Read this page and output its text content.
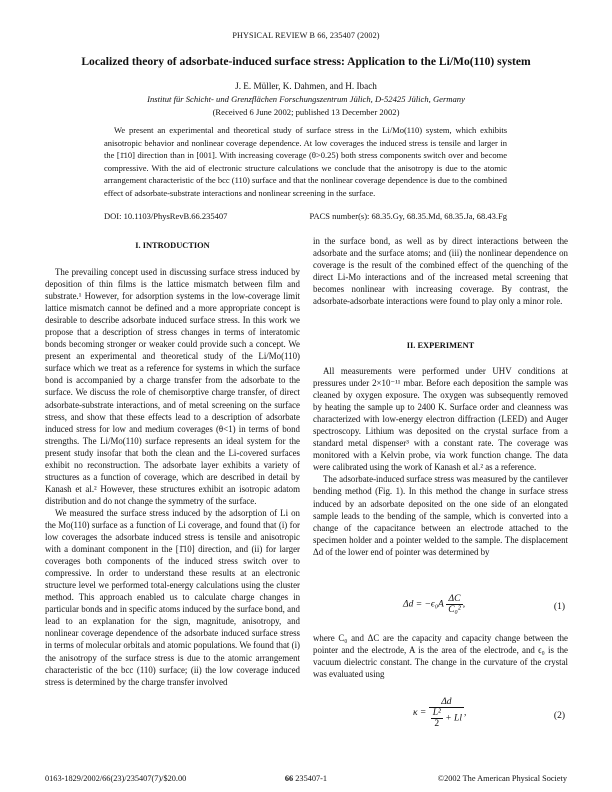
PHYSICAL REVIEW B 66, 235407 (2002)
Localized theory of adsorbate-induced surface stress: Application to the Li/Mo(110) system
J. E. Müller, K. Dahmen, and H. Ibach
Institut für Schicht- und Grenzflächen Forschungszentrum Jülich, D-52425 Jülich, Germany
(Received 6 June 2002; published 13 December 2002)
We present an experimental and theoretical study of surface stress in the Li/Mo(110) system, which exhibits anisotropic behavior and nonlinear coverage dependence. At low coverages the induced stress is tensile and larger in the [1̄10] direction than in [001]. With increasing coverage (θ>0.25) both stress components switch over and become compressive. With the aid of electronic structure calculations we conclude that the anisotropy is due to the atomic arrangement characteristic of the bcc (110) surface and that the nonlinear coverage dependence is due to the combined effect of adsorbate-substrate interactions and nonlinear screening in the surface.
DOI: 10.1103/PhysRevB.66.235407	PACS number(s): 68.35.Gy, 68.35.Md, 68.35.Ja, 68.43.Fg
I. INTRODUCTION

The prevailing concept used in discussing surface stress induced by deposition of thin films is the lattice mismatch between film and substrate.¹ However, for adsorption systems in the low-coverage limit lattice mismatch cannot be defined and a more appropriate concept is desirable to describe adsorbate induced surface stress. In this work we propose that a description of stress changes in terms of interatomic bonds becoming stronger or weaker could provide such a concept. We present an experimental and theoretical study of the Li/Mo(110) surface which we treat as a reference for systems in which the surface bond is accompanied by a charge transfer from the adsorbate to the surface. We discuss the role of chemisorptive charge transfer, of direct adsorbate-substrate interactions, and of metal screening on the surface stress, and show that these effects lead to a description of adsorbate induced stress for low and medium coverages (θ<1) in terms of bond strengths. The Li/Mo(110) surface represents an ideal system for the present study insofar that both the clean and the Li-covered surfaces exhibit no reconstruction. The adsorbate layer exhibits a variety of structures as a function of coverage, which are described in detail by Kanash et al.² However, these structures exhibit an isotropic adatom distribution and do not change the symmetry of the surface.

We measured the surface stress induced by the adsorption of Li on the Mo(110) surface as a function of Li coverage, and found that (i) for low coverages the adsorbate induced stress is tensile and anisotropic with a dominant component in the [1̄10] direction, and (ii) for larger coverages both components of the induced stress switch over to compressive. In order to understand these results at an electronic structure level we performed total-energy calculations using the cluster method. This approach enabled us to calculate charge changes in particular bonds and in specific atoms induced by the surface bond, and lead to an explanation for the sign, magnitude, anisotropy, and nonlinear coverage dependence of the adsorbate induced surface stress in terms of molecular orbitals and atomic populations. We found that (i) the anisotropy of the surface stress is due to the atomic arrangement characteristic of the bcc (110) surface; (ii) the low coverage induced stress is determined by the charge transfer involved

in the surface bond, as well as by direct interactions between the adsorbate and the surface atoms; and (iii) the nonlinear dependence on coverage is the result of the combined effect of the quenching of the direct Li-Mo interactions and of the increased metal screening that becomes nonlinear with increasing coverage. By contrast, the adsorbate-adsorbate interactions were found to play only a minor role.

II. EXPERIMENT

All measurements were performed under UHV conditions at pressures under 2×10⁻¹¹ mbar. Before each deposition the sample was cleaned by oxygen exposure. The oxygen was subsequently removed by heating the sample up to 2400 K. Surface order and cleanness was characterized with low-energy electron diffraction (LEED) and Auger spectroscopy. Lithium was deposited on the crystal surface from a standard metal dispenser³ with a constant rate. The coverage was monitored with a Kelvin probe, via work function change. The data were calibrated using the work of Kanash et al.² as a reference.

The adsorbate-induced surface stress was measured by the cantilever bending method (Fig. 1). In this method the change in surface stress induced by an adsorbate deposited on the one side of an elongated sample leads to the bending of the sample, which is converted into a change of the capacitance between an electrode attached to the specimen holder and a pointer welded to the sample. The displacement Δd of the lower end of pointer was determined by

$\Delta d = -\epsilon_0A \frac{\Delta C}{\text{C₀²}}$ ,	(1)

where C₀ and ΔC are the capacity and capacity change between the pointer and the electrode, A is the area of the electrode, and ϵ₀ is the vacuum dielectric constant. The change in the curvature of the crystal was evaluated using

$\kappa = \frac{\Delta d}{\frac{\text{L²}}{2} + Ll}$ ,	(2)
0163-1829/2002/66(23)/235407(7)/$20.00	66 235407-1	©2002 The American Physical Society
